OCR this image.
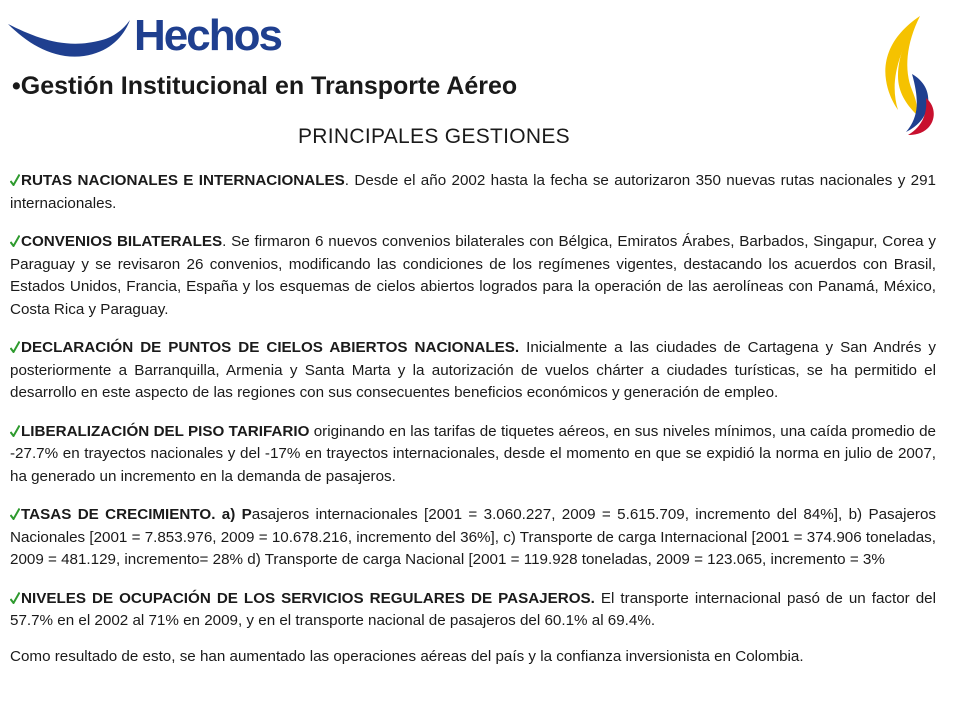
Hechos
•Gestión Institucional en Transporte Aéreo
PRINCIPALES GESTIONES

RUTAS NACIONALES E INTERNACIONALES. Desde el año 2002 hasta la fecha se autorizaron 350 nuevas rutas nacionales y 291 internacionales.

CONVENIOS BILATERALES. Se firmaron 6 nuevos convenios bilaterales con Bélgica, Emiratos Árabes, Barbados, Singapur, Corea y Paraguay y se revisaron 26 convenios, modificando las condiciones de los regímenes vigentes, destacando los acuerdos con Brasil, Estados Unidos, Francia, España y los esquemas de cielos abiertos logrados para la operación de las aerolíneas con Panamá, México, Costa Rica y Paraguay.

DECLARACIÓN DE PUNTOS DE CIELOS ABIERTOS NACIONALES. Inicialmente a las ciudades de Cartagena y San Andrés y posteriormente a Barranquilla, Armenia y Santa Marta y la autorización de vuelos chárter a ciudades turísticas, se ha permitido el desarrollo en este aspecto de las regiones con sus consecuentes beneficios económicos y generación de empleo.

LIBERALIZACIÓN DEL PISO TARIFARIO originando en las tarifas de tiquetes aéreos, en sus niveles mínimos, una caída promedio de -27.7% en trayectos nacionales y del -17% en trayectos internacionales, desde el momento en que se expidió la norma en julio de 2007, ha generado un incremento en la demanda de pasajeros.

TASAS DE CRECIMIENTO. a) Pasajeros internacionales [2001 = 3.060.227, 2009 = 5.615.709, incremento del 84%], b) Pasajeros Nacionales [2001 = 7.853.976, 2009 = 10.678.216, incremento del 36%], c) Transporte de carga Internacional [2001 = 374.906 toneladas, 2009 = 481.129, incremento= 28% d) Transporte de carga Nacional [2001 = 119.928 toneladas, 2009 = 123.065, incremento = 3%

NIVELES DE OCUPACIÓN DE LOS SERVICIOS REGULARES DE PASAJEROS. El transporte internacional pasó de un factor del 57.7% en el 2002 al 71% en 2009, y en el transporte nacional de pasajeros del 60.1% al 69.4%.

Como resultado de esto, se han aumentado las operaciones aéreas del país y la confianza inversionista en Colombia.
